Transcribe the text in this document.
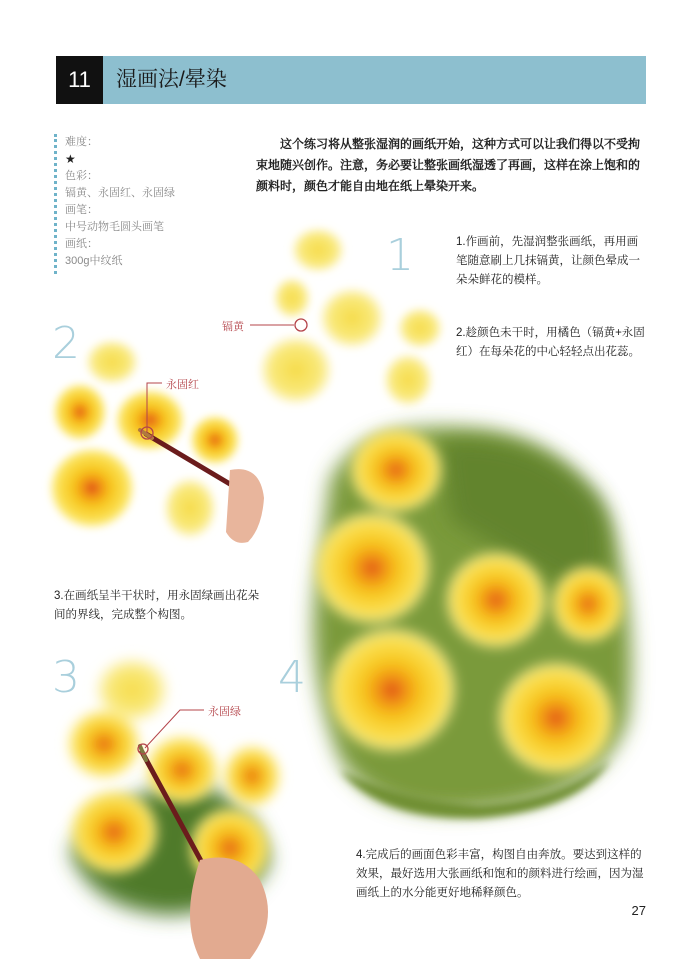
11	湿画法/晕染
难度：
★
色彩：
镉黄、永固红、永固绿
画笔：
中号动物毛圆头画笔
画纸：
300g中纹纸
这个练习将从整张湿润的画纸开始，这种方式可以让我们得以不受拘束地随兴创作。注意，务必要让整张画纸湿透了再画，这样在涂上饱和的颜料时，颜色才能自由地在纸上晕染开来。
1
2
3	4
镉黄
永固红
永固绿
1.作画前，先湿润整张画纸，再用画笔随意刷上几抹镉黄，让颜色晕成一朵朵鲜花的模样。
2.趁颜色未干时，用橘色（镉黄+永固红）在每朵花的中心轻轻点出花蕊。
3.在画纸呈半干状时，用永固绿画出花朵间的界线，完成整个构图。
4.完成后的画面色彩丰富，构图自由奔放。要达到这样的效果，最好选用大张画纸和饱和的颜料进行绘画，因为湿画纸上的水分能更好地稀释颜色。
27
